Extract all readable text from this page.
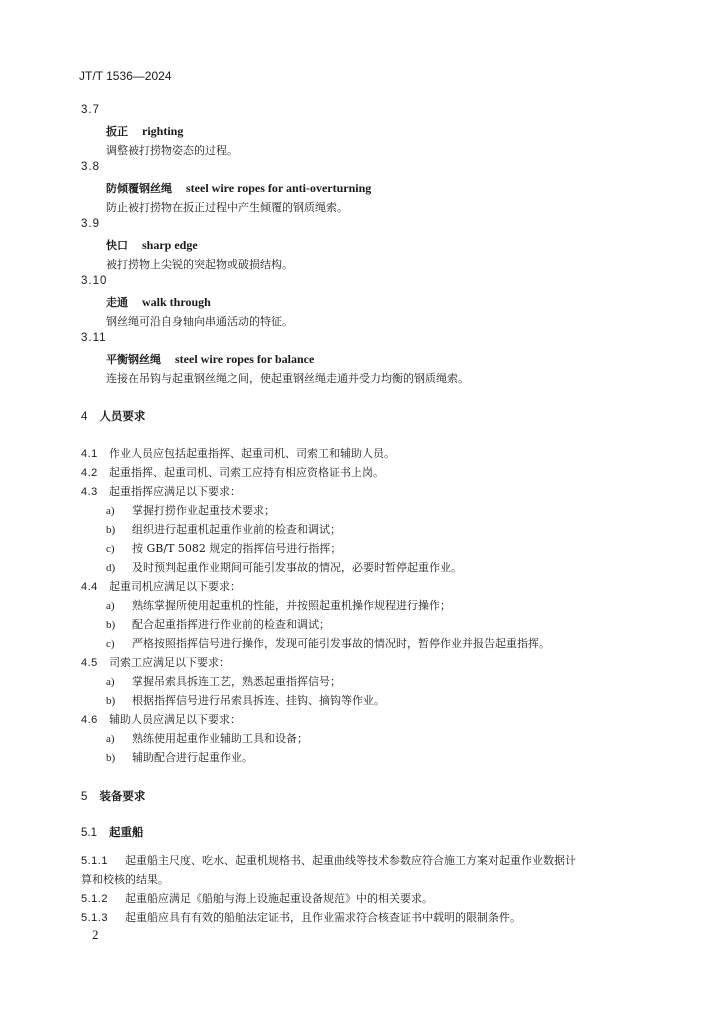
JT/T 1536—2024
3.7
扳正 righting
调整被打捞物姿态的过程。
3.8
防倾覆钢丝绳 steel wire ropes for anti-overturning
防止被打捞物在扳正过程中产生倾覆的钢质绳索。
3.9
快口 sharp edge
被打捞物上尖锐的突起物或破损结构。
3.10
走通 walk through
钢丝绳可沿自身轴向串通活动的特征。
3.11
平衡钢丝绳 steel wire ropes for balance
连接在吊钩与起重钢丝绳之间，使起重钢丝绳走通并受力均衡的钢质绳索。
4 人员要求
4.1 作业人员应包括起重指挥、起重司机、司索工和辅助人员。
4.2 起重指挥、起重司机、司索工应持有相应资格证书上岗。
4.3 起重指挥应满足以下要求：
a) 掌握打捞作业起重技术要求；
b) 组织进行起重机起重作业前的检查和调试；
c) 按 GB/T 5082 规定的指挥信号进行指挥；
d) 及时预判起重作业期间可能引发事故的情况，必要时暂停起重作业。
4.4 起重司机应满足以下要求：
a) 熟练掌握所使用起重机的性能，并按照起重机操作规程进行操作；
b) 配合起重指挥进行作业前的检查和调试；
c) 严格按照指挥信号进行操作，发现可能引发事故的情况时，暂停作业并报告起重指挥。
4.5 司索工应满足以下要求：
a) 掌握吊索具拆连工艺，熟悉起重指挥信号；
b) 根据指挥信号进行吊索具拆连、挂钩、摘钩等作业。
4.6 辅助人员应满足以下要求：
a) 熟练使用起重作业辅助工具和设备；
b) 辅助配合进行起重作业。
5 装备要求
5.1 起重船
5.1.1 起重船主尺度、吃水、起重机规格书、起重曲线等技术参数应符合施工方案对起重作业数据计
算和校核的结果。
5.1.2 起重船应满足《船舶与海上设施起重设备规范》中的相关要求。
5.1.3 起重船应具有有效的船舶法定证书，且作业需求符合核查证书中载明的限制条件。
2
